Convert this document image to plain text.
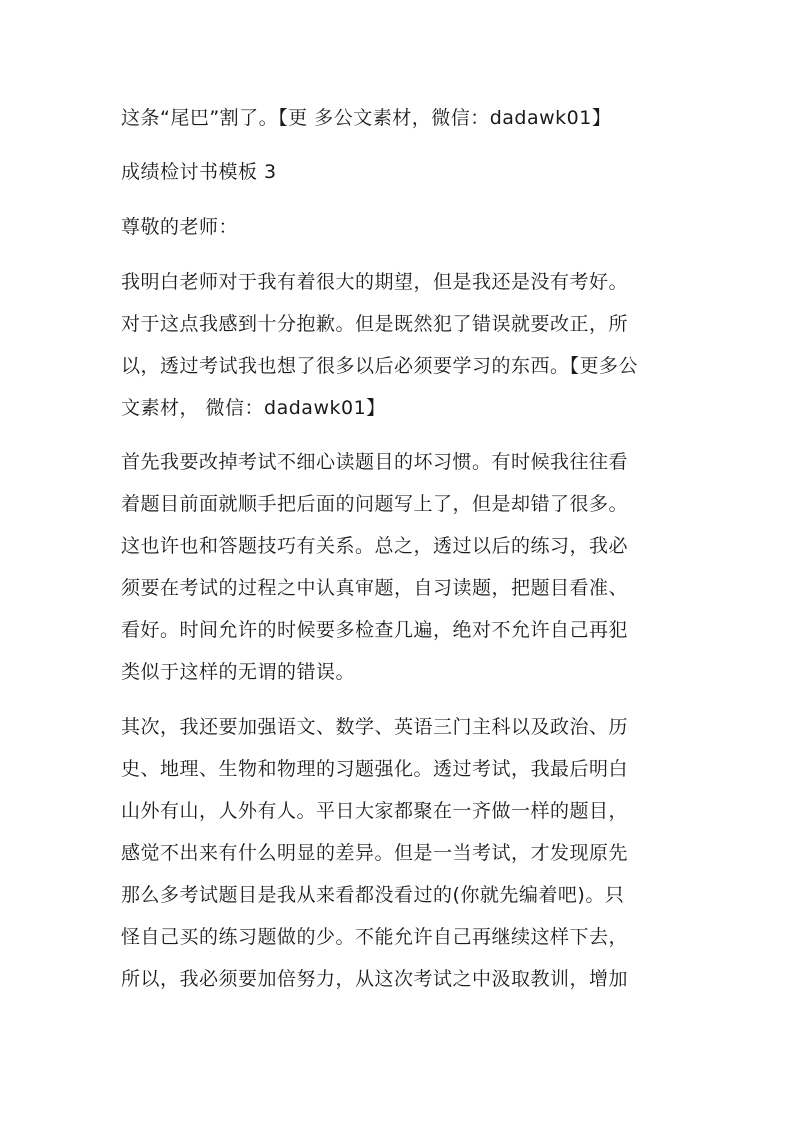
这条“尾巴”割了。【更 多公文素材，微信：dadawk01】
成绩检讨书模板 3
尊敬的老师：
我明白老师对于我有着很大的期望，但是我还是没有考好。
对于这点我感到十分抱歉。但是既然犯了错误就要改正，所
以，透过考试我也想了很多以后必须要学习的东西。【更多公
文素材， 微信：dadawk01】
首先我要改掉考试不细心读题目的坏习惯。有时候我往往看
着题目前面就顺手把后面的问题写上了，但是却错了很多。
这也许也和答题技巧有关系。总之，透过以后的练习，我必
须要在考试的过程之中认真审题，自习读题，把题目看准、
看好。时间允许的时候要多检查几遍，绝对不允许自己再犯
类似于这样的无谓的错误。
其次，我还要加强语文、数学、英语三门主科以及政治、历
史、地理、生物和物理的习题强化。透过考试，我最后明白
山外有山，人外有人。平日大家都聚在一齐做一样的题目，
感觉不出来有什么明显的差异。但是一当考试，才发现原先
那么多考试题目是我从来看都没看过的(你就先编着吧)。只
怪自己买的练习题做的少。不能允许自己再继续这样下去，
所以，我必须要加倍努力，从这次考试之中汲取教训，增加
